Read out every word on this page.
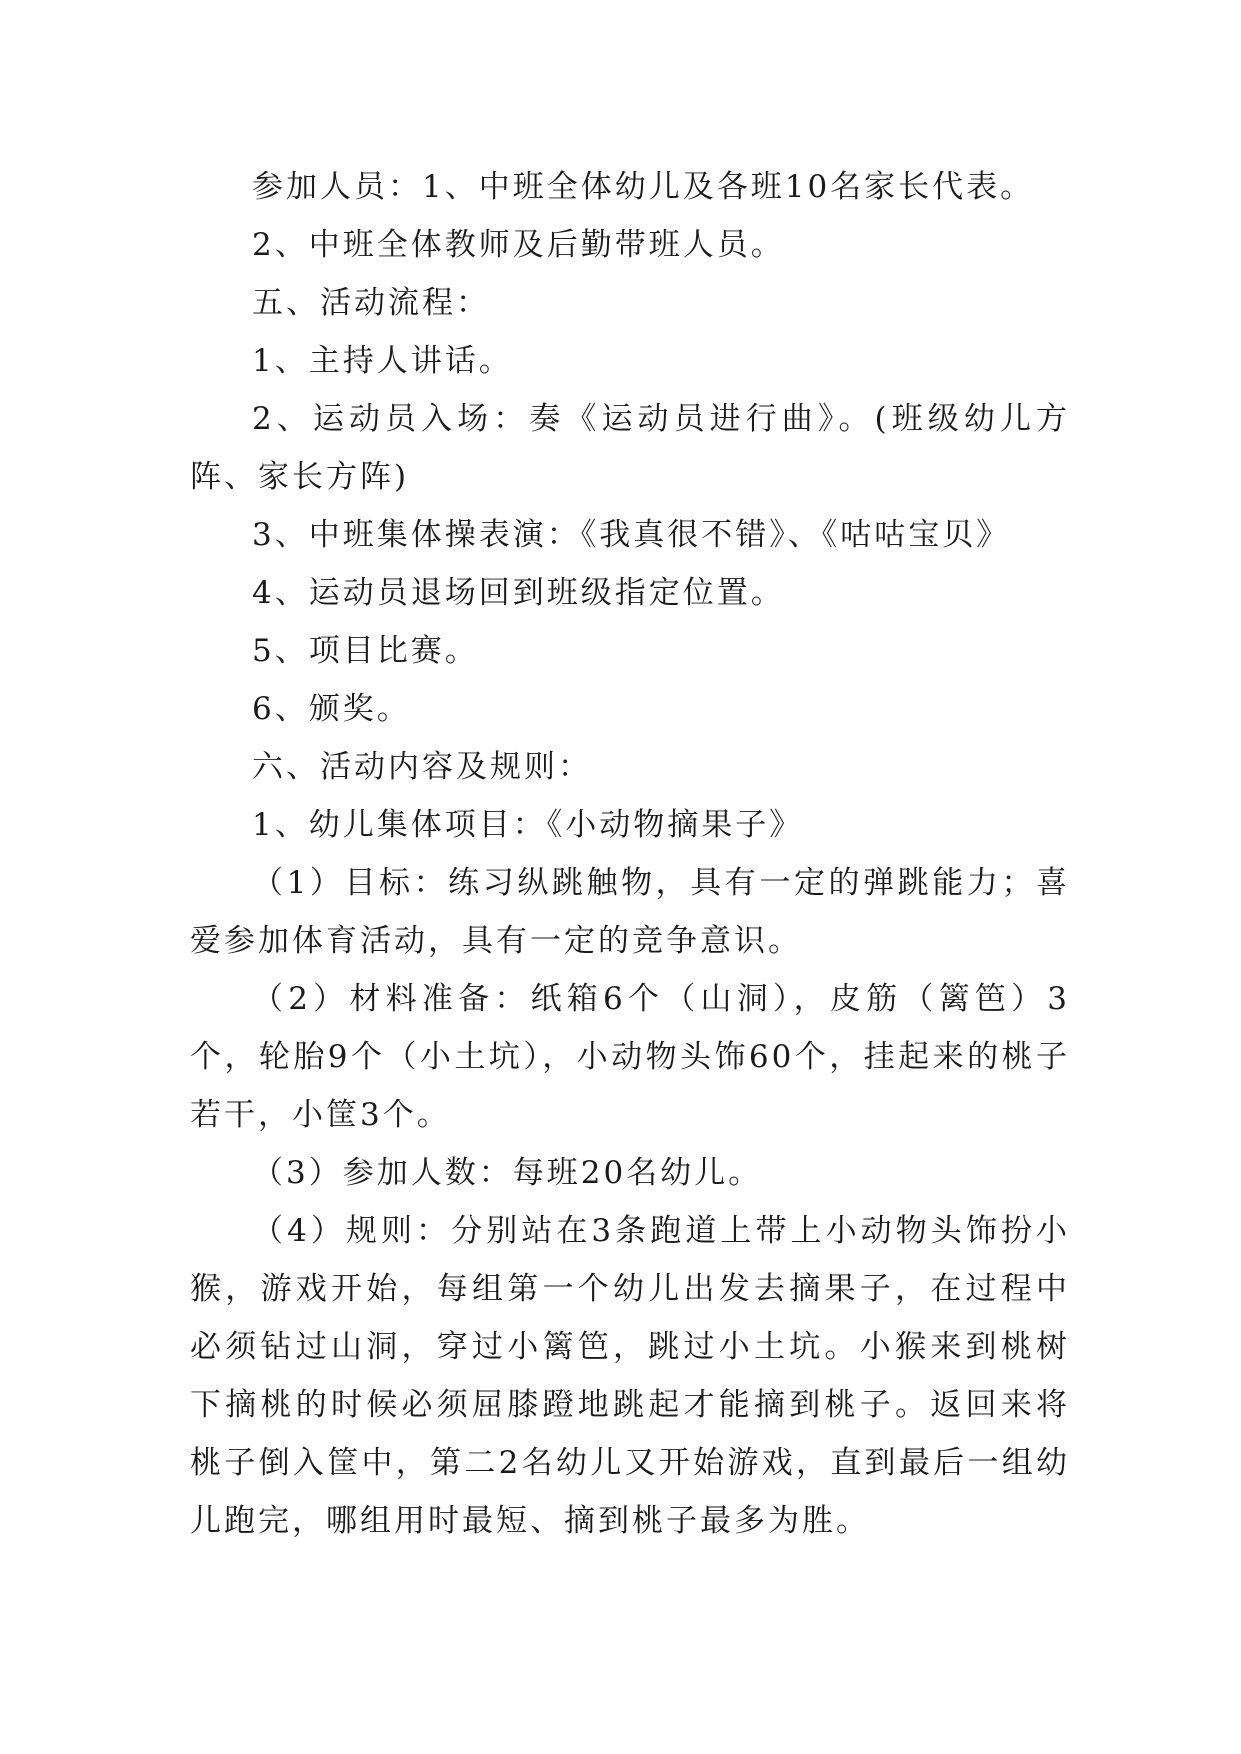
参加人员：1、中班全体幼儿及各班10名家长代表。

2、中班全体教师及后勤带班人员。

五、活动流程：

1、主持人讲话。

2、运动员入场：奏《运动员进行曲》。(班级幼儿方阵、家长方阵)

3、中班集体操表演：《我真很不错》、《咕咕宝贝》

4、运动员退场回到班级指定位置。

5、项目比赛。

6、颁奖。

六、活动内容及规则：

1、幼儿集体项目：《小动物摘果子》

（1）目标：练习纵跳触物，具有一定的弹跳能力；喜爱参加体育活动，具有一定的竞争意识。

（2）材料准备：纸箱6个（山洞），皮筋（篱笆）3个，轮胎9个（小土坑），小动物头饰60个，挂起来的桃子若干，小筐3个。

（3）参加人数：每班20名幼儿。

（4）规则：分别站在3条跑道上带上小动物头饰扮小猴，游戏开始，每组第一个幼儿出发去摘果子，在过程中必须钻过山洞，穿过小篱笆，跳过小土坑。小猴来到桃树下摘桃的时候必须屈膝蹬地跳起才能摘到桃子。返回来将桃子倒入筐中，第二2名幼儿又开始游戏，直到最后一组幼儿跑完，哪组用时最短、摘到桃子最多为胜。
